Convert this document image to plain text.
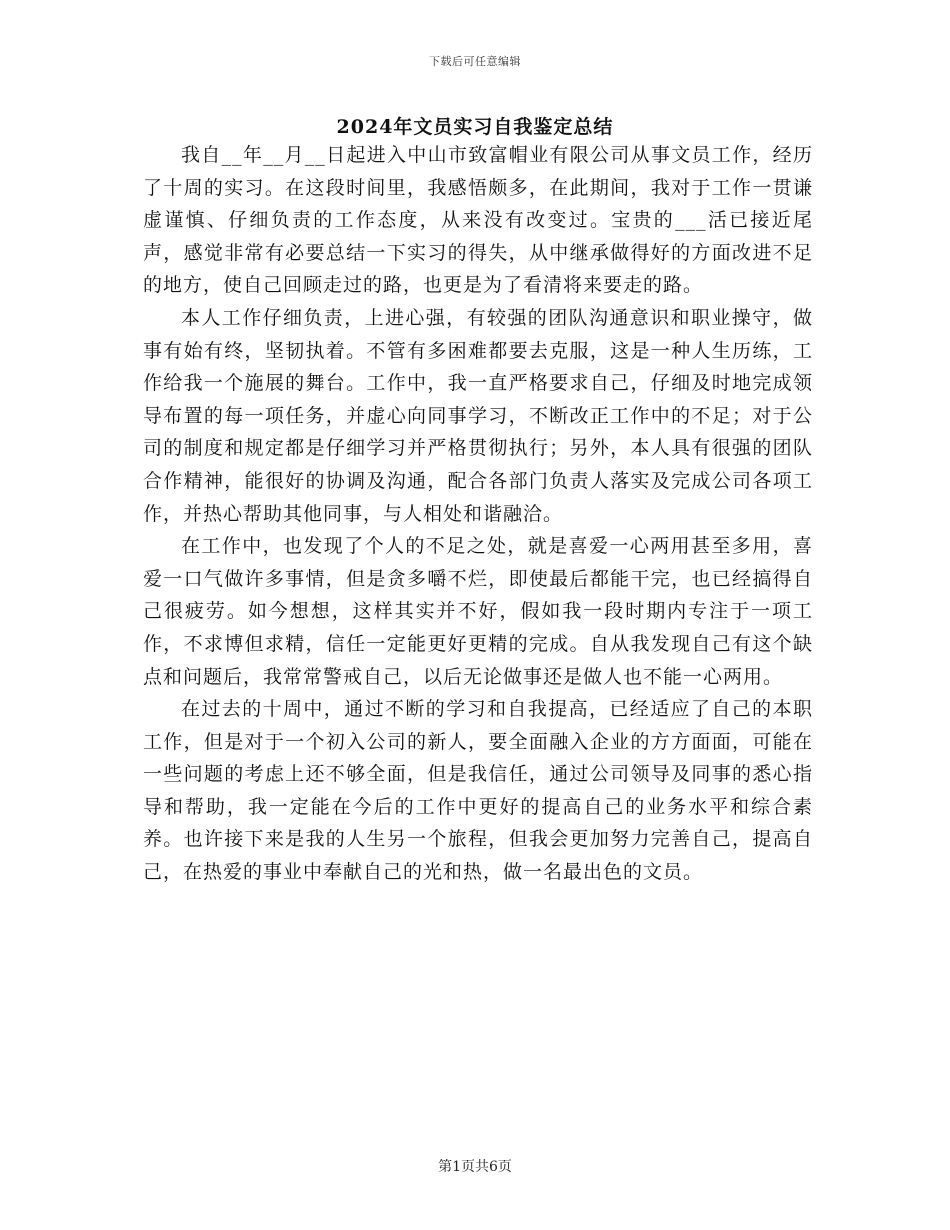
下载后可任意编辑
2024年文员实习自我鉴定总结

我自__年__月__日起进入中山市致富帽业有限公司从事文员工作，经历了十周的实习。在这段时间里，我感悟颇多，在此期间，我对于工作一贯谦虚谨慎、仔细负责的工作态度，从来没有改变过。宝贵的___活已接近尾声，感觉非常有必要总结一下实习的得失，从中继承做得好的方面改进不足的地方，使自己回顾走过的路，也更是为了看清将来要走的路。

本人工作仔细负责，上进心强，有较强的团队沟通意识和职业操守，做事有始有终，坚韧执着。不管有多困难都要去克服，这是一种人生历练，工作给我一个施展的舞台。工作中，我一直严格要求自己，仔细及时地完成领导布置的每一项任务，并虚心向同事学习，不断改正工作中的不足；对于公司的制度和规定都是仔细学习并严格贯彻执行；另外，本人具有很强的团队合作精神，能很好的协调及沟通，配合各部门负责人落实及完成公司各项工作，并热心帮助其他同事，与人相处和谐融洽。

在工作中，也发现了个人的不足之处，就是喜爱一心两用甚至多用，喜爱一口气做许多事情，但是贪多嚼不烂，即使最后都能干完，也已经搞得自己很疲劳。如今想想，这样其实并不好，假如我一段时期内专注于一项工作，不求博但求精，信任一定能更好更精的完成。自从我发现自己有这个缺点和问题后，我常常警戒自己，以后无论做事还是做人也不能一心两用。

在过去的十周中，通过不断的学习和自我提高，已经适应了自己的本职工作，但是对于一个初入公司的新人，要全面融入企业的方方面面，可能在一些问题的考虑上还不够全面，但是我信任，通过公司领导及同事的悉心指导和帮助，我一定能在今后的工作中更好的提高自己的业务水平和综合素养。也许接下来是我的人生另一个旅程，但我会更加努力完善自己，提高自己，在热爱的事业中奉献自己的光和热，做一名最出色的文员。

第1页共6页
